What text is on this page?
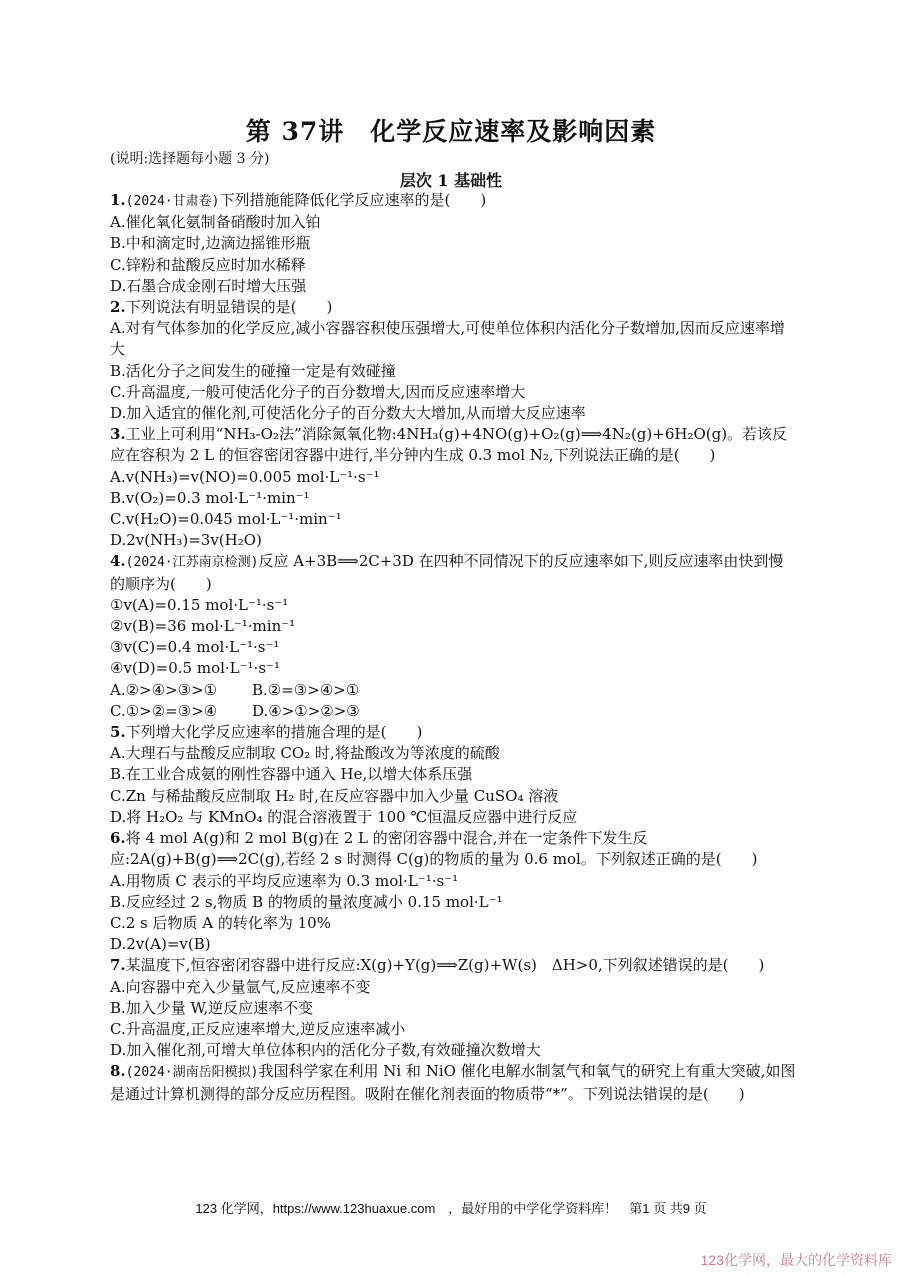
第 37讲　化学反应速率及影响因素
(说明:选择题每小题 3 分)
层次 1 基础性

1.(2024·甘肃卷)下列措施能降低化学反应速率的是(　　)

A.催化氧化氨制备硝酸时加入铂

B.中和滴定时,边滴边摇锥形瓶

C.锌粉和盐酸反应时加水稀释

D.石墨合成金刚石时增大压强

2.下列说法有明显错误的是(　　)

A.对有气体参加的化学反应,减小容器容积使压强增大,可使单位体积内活化分子数增加,因而反应速率增大

B.活化分子之间发生的碰撞一定是有效碰撞

C.升高温度,一般可使活化分子的百分数增大,因而反应速率增大

D.加入适宜的催化剂,可使活化分子的百分数大大增加,从而增大反应速率

3.工业上可利用“NH₃-O₂法”消除氮氧化物:4NH₃(g)+4NO(g)+O₂(g)⟹4N₂(g)+6H₂O(g)。若该反应在容积为 2 L 的恒容密闭容器中进行,半分钟内生成 0.3 mol N₂,下列说法正确的是(　　)

A.v(NH₃)=v(NO)=0.005 mol·L⁻¹·s⁻¹

B.v(O₂)=0.3 mol·L⁻¹·min⁻¹

C.v(H₂O)=0.045 mol·L⁻¹·min⁻¹

D.2v(NH₃)=3v(H₂O)

4.(2024·江苏南京检测)反应 A+3B⟹2C+3D 在四种不同情况下的反应速率如下,则反应速率由快到慢的顺序为(　　)

①v(A)=0.15 mol·L⁻¹·s⁻¹

②v(B)=36 mol·L⁻¹·min⁻¹

③v(C)=0.4 mol·L⁻¹·s⁻¹

④v(D)=0.5 mol·L⁻¹·s⁻¹

A.②>④>③>① B.②=③>④>①

C.①>②=③>④ D.④>①>②>③

5.下列增大化学反应速率的措施合理的是(　　)

A.大理石与盐酸反应制取 CO₂ 时,将盐酸改为等浓度的硫酸

B.在工业合成氨的刚性容器中通入 He,以增大体系压强

C.Zn 与稀盐酸反应制取 H₂ 时,在反应容器中加入少量 CuSO₄ 溶液

D.将 H₂O₂ 与 KMnO₄ 的混合溶液置于 100 ℃恒温反应器中进行反应

6.将 4 mol A(g)和 2 mol B(g)在 2 L 的密闭容器中混合,并在一定条件下发生反应:2A(g)+B(g)⟹2C(g),若经 2 s 时测得 C(g)的物质的量为 0.6 mol。下列叙述正确的是(　　)

A.用物质 C 表示的平均反应速率为 0.3 mol·L⁻¹·s⁻¹

B.反应经过 2 s,物质 B 的物质的量浓度减小 0.15 mol·L⁻¹

C.2 s 后物质 A 的转化率为 10%

D.2v(A)=v(B)

7.某温度下,恒容密闭容器中进行反应:X(g)+Y(g)⟹Z(g)+W(s)　ΔH>0,下列叙述错误的是(　　)

A.向容器中充入少量氩气,反应速率不变

B.加入少量 W,逆反应速率不变

C.升高温度,正反应速率增大,逆反应速率减小

D.加入催化剂,可增大单位体积内的活化分子数,有效碰撞次数增大

8.(2024·湖南岳阳模拟)我国科学家在利用 Ni 和 NiO 催化电解水制氢气和氧气的研究上有重大突破,如图是通过计算机测得的部分反应历程图。吸附在催化剂表面的物质带“*”。下列说法错误的是(　　)

123 化学网，https://www.123huaxue.com　，最好用的中学化学资料库！ 第1 页 共9 页
123化学网，最大的化学资料库
